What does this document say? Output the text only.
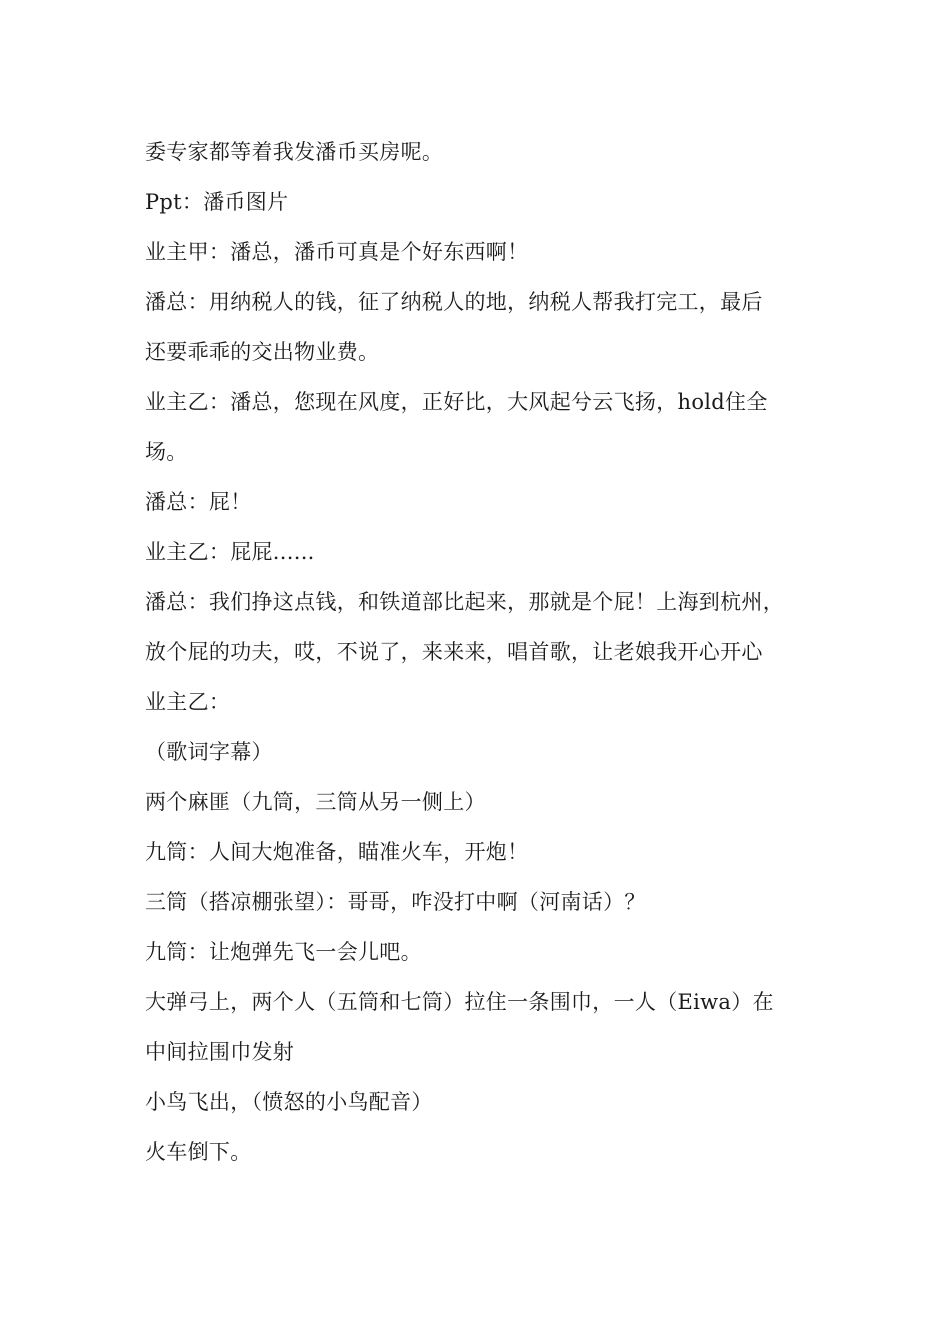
委专家都等着我发潘币买房呢。
Ppt：潘币图片
业主甲：潘总，潘币可真是个好东西啊！
潘总：用纳税人的钱，征了纳税人的地，纳税人帮我打完工，最后
还要乖乖的交出物业费。
业主乙：潘总，您现在风度，正好比，大风起兮云飞扬，hold住全
场。
潘总：屁！
业主乙：屁屁......
潘总：我们挣这点钱，和铁道部比起来，那就是个屁！上海到杭州，
放个屁的功夫，哎，不说了，来来来，唱首歌，让老娘我开心开心
业主乙：
（歌词字幕）
两个麻匪（九筒，三筒从另一侧上）
九筒：人间大炮准备，瞄准火车，开炮！
三筒（搭凉棚张望）：哥哥，咋没打中啊（河南话）？
九筒：让炮弹先飞一会儿吧。
大弹弓上，两个人（五筒和七筒）拉住一条围巾，一人（Eiwa）在
中间拉围巾发射
小鸟飞出，（愤怒的小鸟配音）
火车倒下。
